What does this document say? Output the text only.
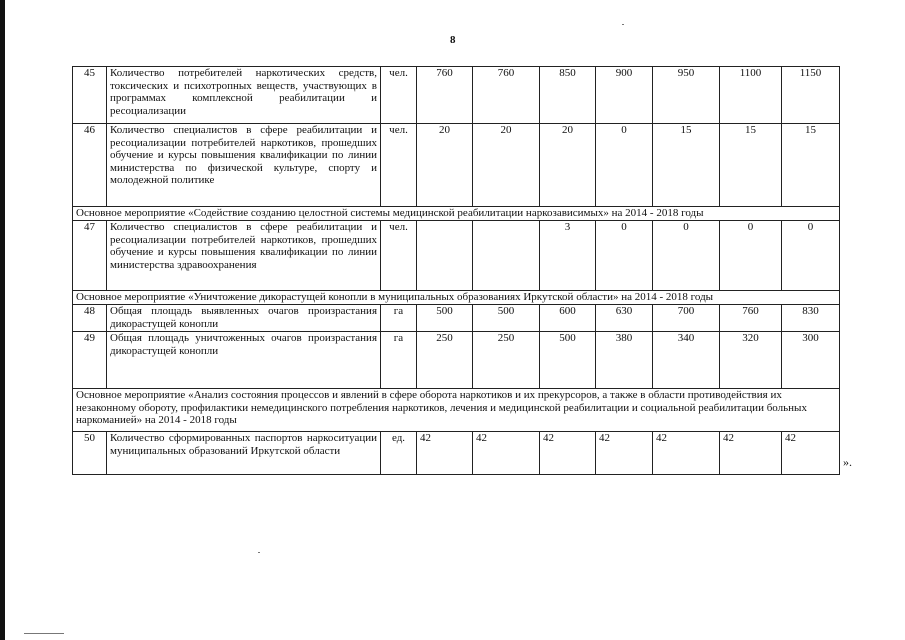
8
45	Количество потребителей наркотических средств, токсических и психотропных веществ, участвующих в программах комплексной реабилитации и ресоциализации	чел.	760	760	850	900	950	1100	1150
46	Количество специалистов в сфере реабилитации и ресоциализации потребителей наркотиков, прошедших обучение и курсы повышения квалификации по линии министерства по физической культуре, спорту и молодежной политике	чел.	20	20	20	0	15	15	15
Основное мероприятие «Содействие созданию целостной системы медицинской реабилитации наркозависимых» на 2014 - 2018 годы									
47	Количество специалистов в сфере реабилитации и ресоциализации потребителей наркотиков, прошедших обучение и курсы повышения квалификации по линии министерства здравоохранения	чел.			3	0	0	0	0
Основное мероприятие «Уничтожение дикорастущей конопли в муниципальных образованиях Иркутской области» на 2014 - 2018 годы									
48	Общая площадь выявленных очагов произрастания дикорастущей конопли	га	500	500	600	630	700	760	830
49	Общая площадь уничтоженных очагов произрастания дикорастущей конопли	га	250	250	500	380	340	320	300
Основное мероприятие «Анализ состояния процессов и явлений в сфере оборота наркотиков и их прекурсоров, а также в области противодействия их незаконному обороту, профилактики немедицинского потребления наркотиков, лечения и медицинской реабилитации и социальной реабилитации больных наркоманией» на 2014 - 2018 годы									
50	Количество сформированных паспортов наркоситуации муниципальных образований Иркутской области	ед.	42	42	42	42	42	42	42
».
